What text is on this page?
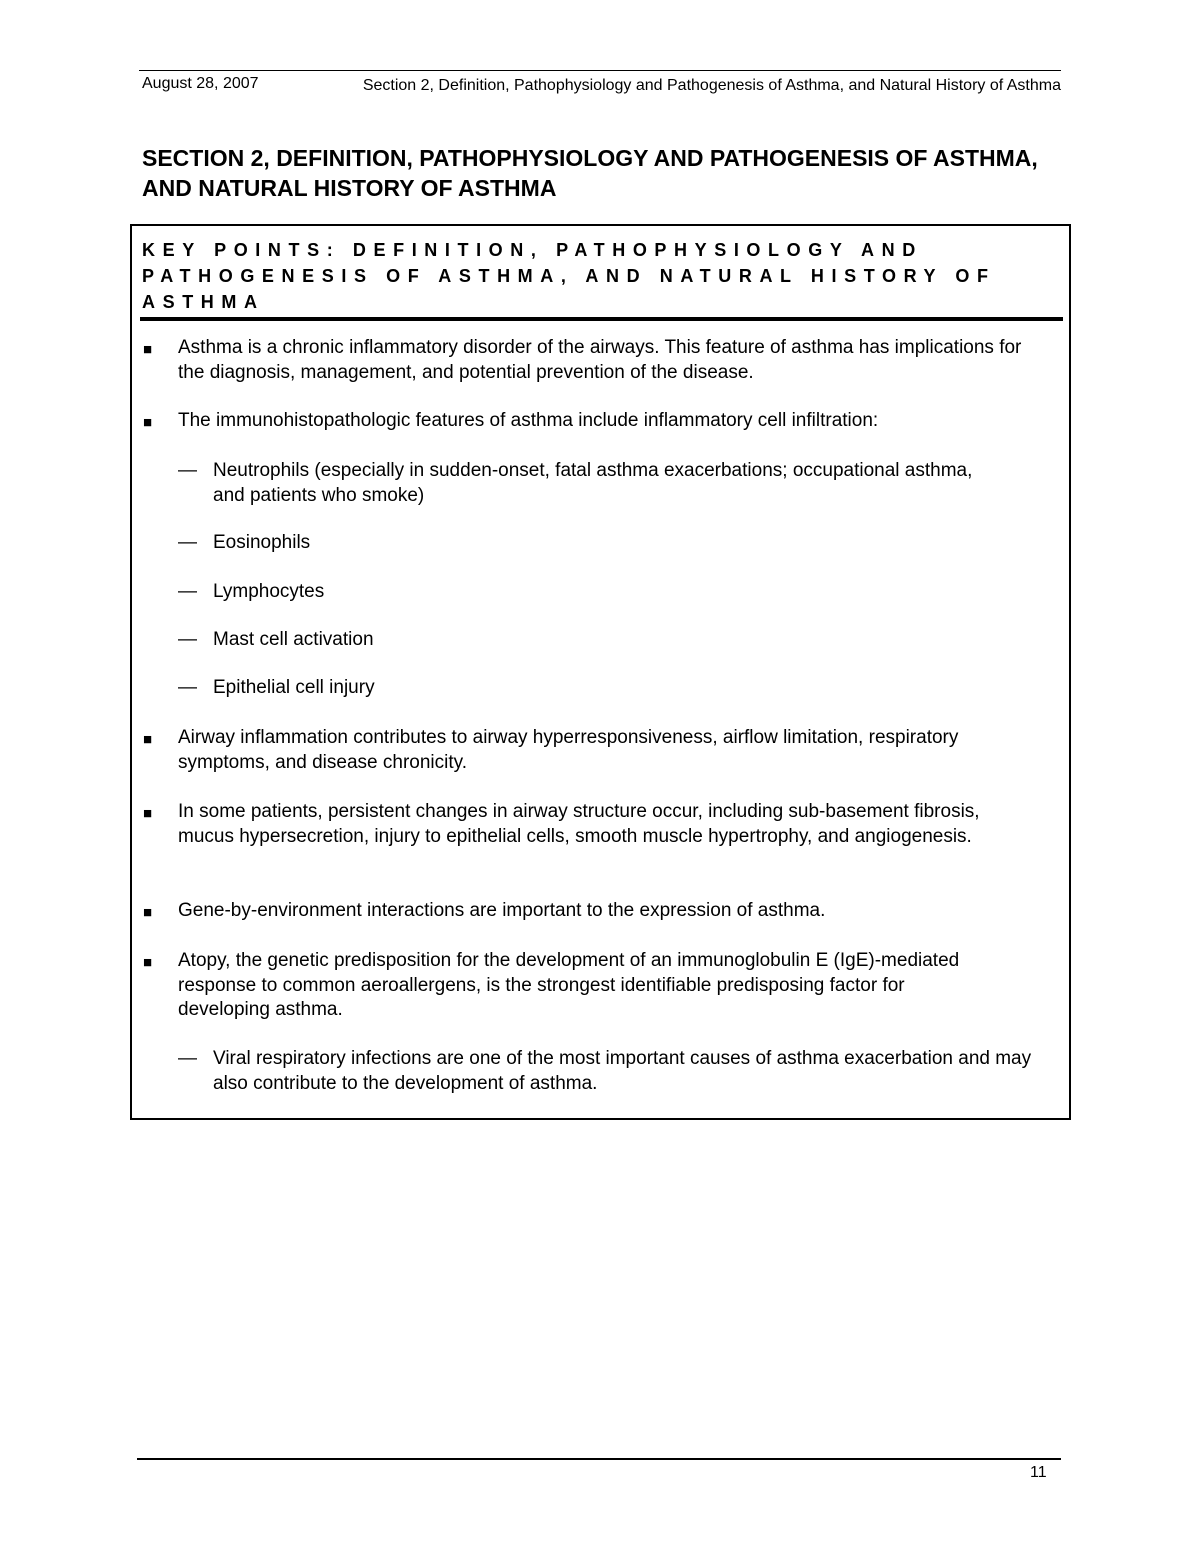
August 28, 2007	Section 2, Definition, Pathophysiology and Pathogenesis of Asthma, and Natural History of Asthma
SECTION 2, DEFINITION, PATHOPHYSIOLOGY AND PATHOGENESIS OF ASTHMA, AND NATURAL HISTORY OF ASTHMA
KEY POINTS: DEFINITION, PATHOPHYSIOLOGY AND PATHOGENESIS OF ASTHMA, AND NATURAL HISTORY OF ASTHMA
■ Asthma is a chronic inflammatory disorder of the airways. This feature of asthma has implications for the diagnosis, management, and potential prevention of the disease.
■ The immunohistopathologic features of asthma include inflammatory cell infiltration:
— Neutrophils (especially in sudden-onset, fatal asthma exacerbations; occupational asthma, and patients who smoke)
— Eosinophils
— Lymphocytes
— Mast cell activation
— Epithelial cell injury
■ Airway inflammation contributes to airway hyperresponsiveness, airflow limitation, respiratory symptoms, and disease chronicity.
■ In some patients, persistent changes in airway structure occur, including sub-basement fibrosis, mucus hypersecretion, injury to epithelial cells, smooth muscle hypertrophy, and angiogenesis.
■ Gene-by-environment interactions are important to the expression of asthma.
■ Atopy, the genetic predisposition for the development of an immunoglobulin E (IgE)-mediated response to common aeroallergens, is the strongest identifiable predisposing factor for developing asthma.
— Viral respiratory infections are one of the most important causes of asthma exacerbation and may also contribute to the development of asthma.
11
